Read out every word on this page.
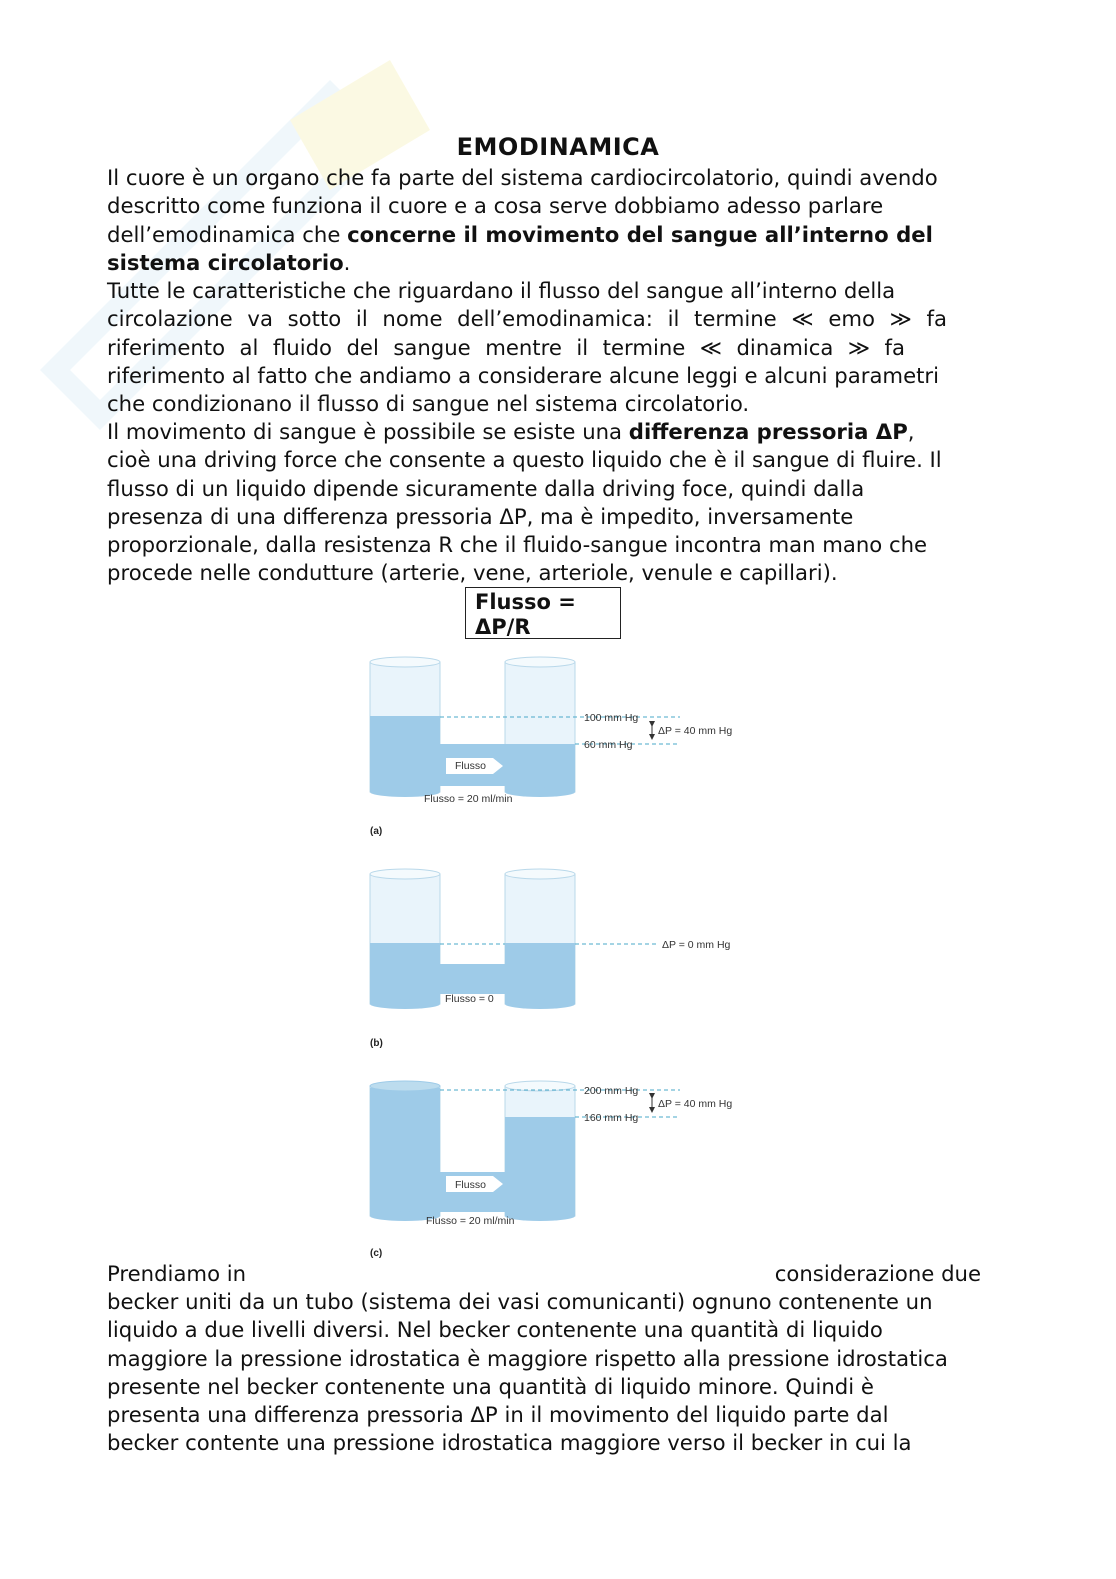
EMODINAMICA
Il cuore è un organo che fa parte del sistema cardiocircolatorio, quindi avendo
descritto come funziona il cuore e a cosa serve dobbiamo adesso parlare
dell’emodinamica che concerne il movimento del sangue all’interno del
sistema circolatorio.
Tutte le caratteristiche che riguardano il flusso del sangue all’interno della
circolazione va sotto il nome dell’emodinamica: il termine ≪ emo ≫ fa
riferimento al fluido del sangue mentre il termine ≪ dinamica ≫ fa
riferimento al fatto che andiamo a considerare alcune leggi e alcuni parametri
che condizionano il flusso di sangue nel sistema circolatorio.
Il movimento di sangue è possibile se esiste una differenza pressoria ΔP,
cioè una driving force che consente a questo liquido che è il sangue di fluire. Il
flusso di un liquido dipende sicuramente dalla driving foce, quindi dalla
presenza di una differenza pressoria ΔP, ma è impedito, inversamente
proporzionale, dalla resistenza R che il fluido-sangue incontra man mano che
procede nelle condutture (arterie, vene, arteriole, venule e capillari).
Flusso =
ΔP/R
Flusso
100 mm Hg
60 mm Hg
ΔP = 40 mm Hg
Flusso = 20 ml/min
(a)
ΔP = 0 mm Hg
Flusso = 0
(b)
Flusso
200 mm Hg
160 mm Hg
ΔP = 40 mm Hg
Flusso = 20 ml/min
(c)
Prendiamo in	considerazione due
becker uniti da un tubo (sistema dei vasi comunicanti) ognuno contenente un
liquido a due livelli diversi. Nel becker contenente una quantità di liquido
maggiore la pressione idrostatica è maggiore rispetto alla pressione idrostatica
presente nel becker contenente una quantità di liquido minore. Quindi è
presenta una differenza pressoria ΔP in il movimento del liquido parte dal
becker contente una pressione idrostatica maggiore verso il becker in cui la
